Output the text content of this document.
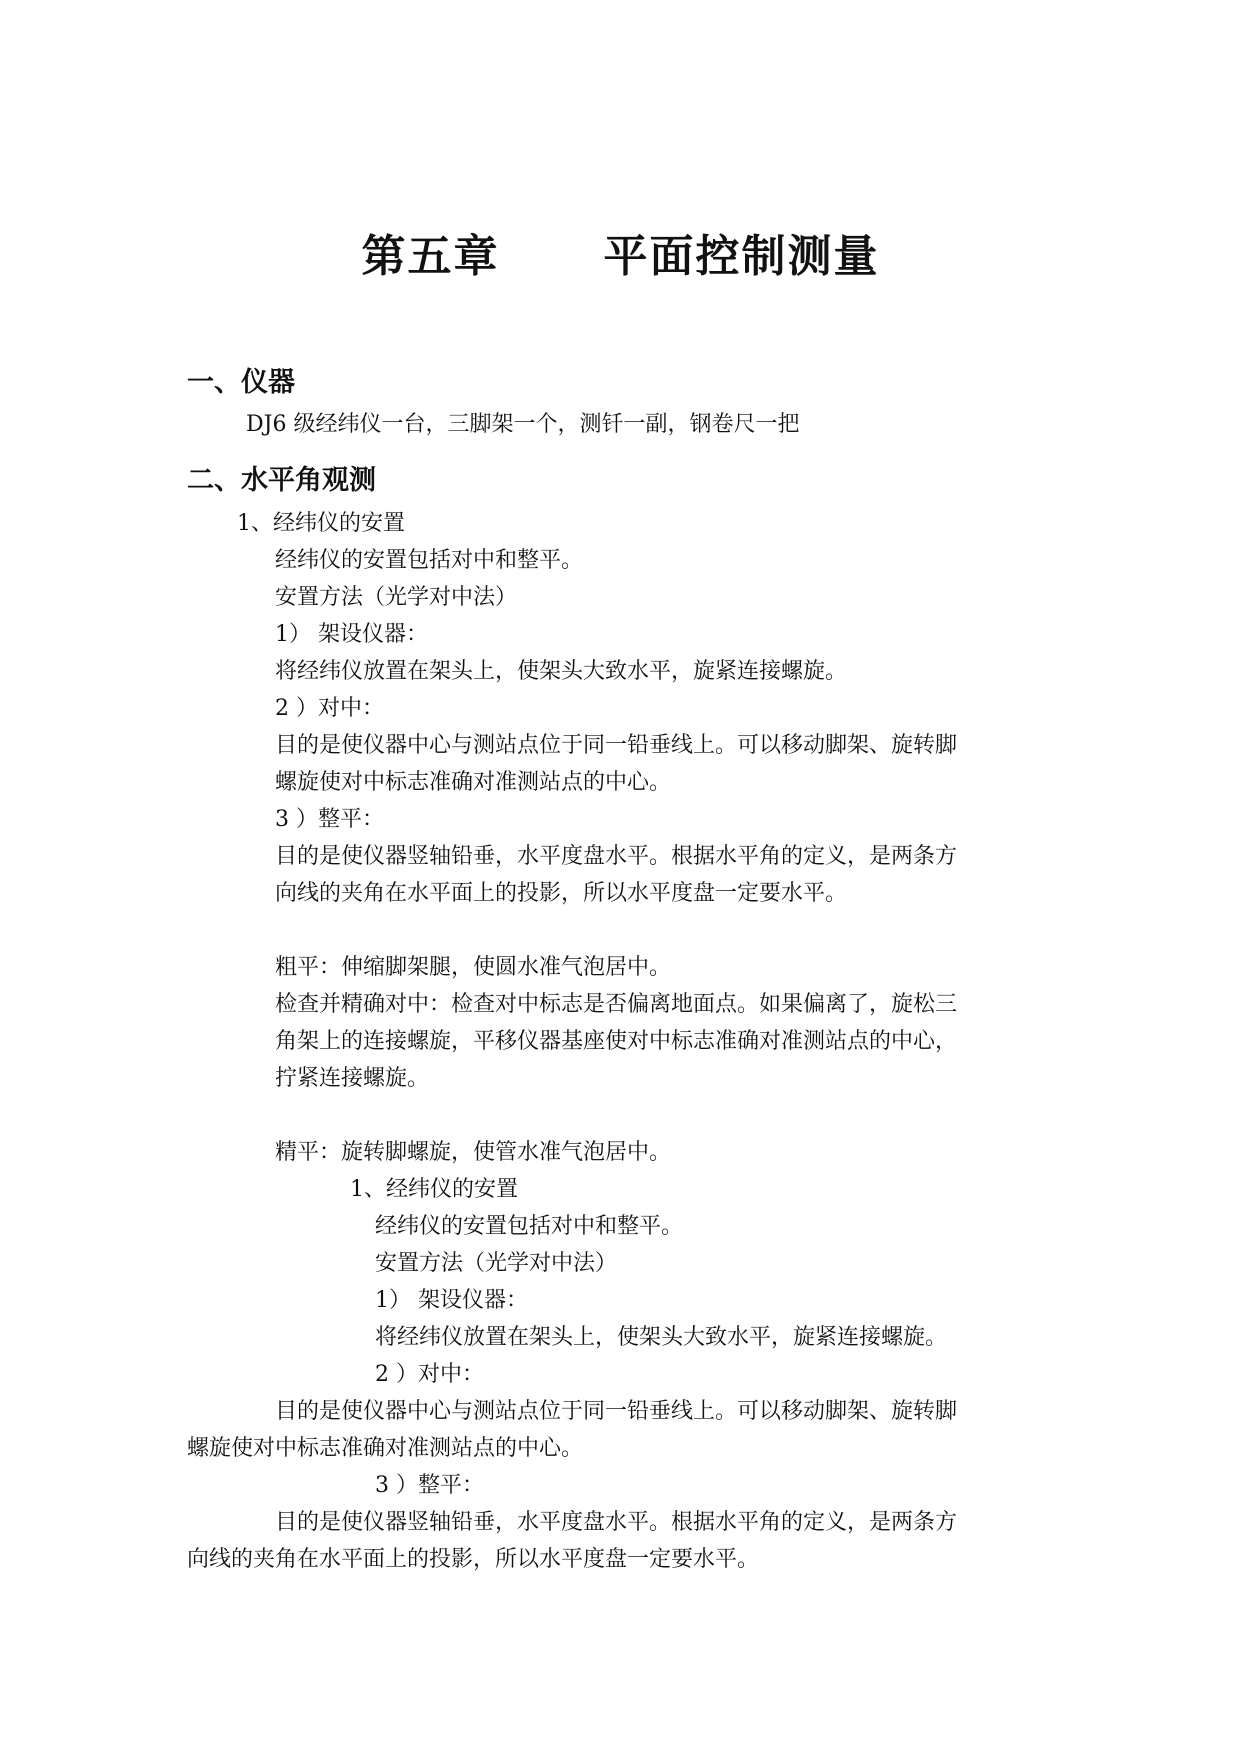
第五章      平面控制测量
一、仪器
DJ6 级经纬仪一台，三脚架一个，测钎一副，钢卷尺一把
二、水平角观测
1、经纬仪的安置
经纬仪的安置包括对中和整平。
安置方法（光学对中法）
1） 架设仪器：
将经纬仪放置在架头上，使架头大致水平，旋紧连接螺旋。
2 ）对中：
目的是使仪器中心与测站点位于同一铅垂线上。可以移动脚架、旋转脚
螺旋使对中标志准确对准测站点的中心。
3 ）整平：
目的是使仪器竖轴铅垂，水平度盘水平。根据水平角的定义，是两条方
向线的夹角在水平面上的投影，所以水平度盘一定要水平。
粗平：伸缩脚架腿，使圆水准气泡居中。
检查并精确对中：检查对中标志是否偏离地面点。如果偏离了，旋松三
角架上的连接螺旋，平移仪器基座使对中标志准确对准测站点的中心，
拧紧连接螺旋。
精平：旋转脚螺旋，使管水准气泡居中。
1、经纬仪的安置
经纬仪的安置包括对中和整平。
安置方法（光学对中法）
1） 架设仪器：
将经纬仪放置在架头上，使架头大致水平，旋紧连接螺旋。
2 ）对中：
目的是使仪器中心与测站点位于同一铅垂线上。可以移动脚架、旋转脚
螺旋使对中标志准确对准测站点的中心。
3 ）整平：
目的是使仪器竖轴铅垂，水平度盘水平。根据水平角的定义，是两条方
向线的夹角在水平面上的投影，所以水平度盘一定要水平。
